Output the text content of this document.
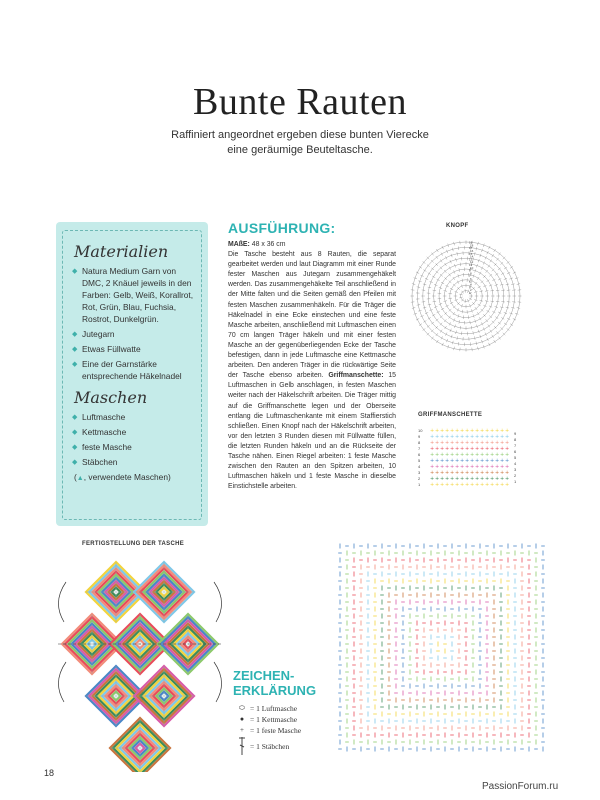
Bunte Rauten
Raffiniert angeordnet ergeben diese bunten Vierecke
eine geräumige Beuteltasche.
Materialien
◆ Natura Medium Garn von DMC, 2 Knäuel jeweils in den Farben: Gelb, Weiß, Korallrot, Rot, Grün, Blau, Fuchsia, Rostrot, Dunkelgrün.
◆ Jutegarn
◆ Etwas Füllwatte
◆ Eine der Garnstärke entsprechende Häkelnadel
Maschen
◆ Luftmasche
◆ Kettmasche
◆ feste Masche
◆ Stäbchen
(▲, verwendete Maschen)
AUSFÜHRUNG:
MAßE: 48 x 36 cm
Die Tasche besteht aus 8 Rauten, die separat gearbeitet werden und laut Diagramm mit einer Runde fester Maschen aus Jutegarn zusammengehäkelt werden. Das zusammengehäkelte Teil anschließend in der Mitte falten und die Seiten gemäß den Pfeilen mit festen Maschen zusammenhäkeln. Für die Träger die Häkelnadel in eine Ecke einstechen und eine feste Masche arbeiten, anschließend mit Luftmaschen einen 70 cm langen Träger häkeln und mit einer festen Masche an der gegenüberliegenden Ecke der Tasche befestigen, dann in jede Luftmasche eine Kettmasche arbeiten. Den anderen Träger in die rückwärtige Seite der Tasche ebenso arbeiten. Griffmanschette: 15 Luftmaschen in Gelb anschlagen, in festen Maschen weiter nach der Häkelschrift arbeiten. Die Träger mittig auf die Griffmanschette legen und der Oberseite entlang die Luftmaschenkante mit einem Staffierstich schließen. Einen Knopf nach der Häkelschrift arbeiten, vor den letzten 3 Runden diesen mit Füllwatte füllen, die letzten Runden häkeln und an die Rückseite der Tasche nähen. Einen Riegel arbeiten: 1 feste Masche zwischen den Rauten an den Spitzen arbeiten, 10 Luftmaschen häkeln und 1 feste Masche in dieselbe Einstichstelle arbeiten.
KNOPF
1
2
3
4
5
6
7
8
9
10
11
12
13
14
15
16
17
18
19
GRIFFMANSCHETTE
10 + + + + + + + + + + + + + + + +
9 + + + + + + + + + + + + + + + +
8 + + + + + + + + + + + + + + + +
7 + + + + + + + + + + + + + + + +
6 + + + + + + + + + + + + + + + +
5 + + + + + + + + + + + + + + + +
4 + + + + + + + + + + + + + + + +
3 + + + + + + + + + + + + + + + +
2 + + + + + + + + + + + + + + + +
1 + + + + + + + + + + + + + + + +
9
8
7
6
5
4
3
2
1
FERTIGSTELLUNG DER TASCHE
ZEICHEN-
ERKLÄRUNG
⬭ = 1 Luftmasche
● = 1 Kettmasche
+ = 1 feste Masche
= 1 Stäbchen
18
PassionForum.ru
